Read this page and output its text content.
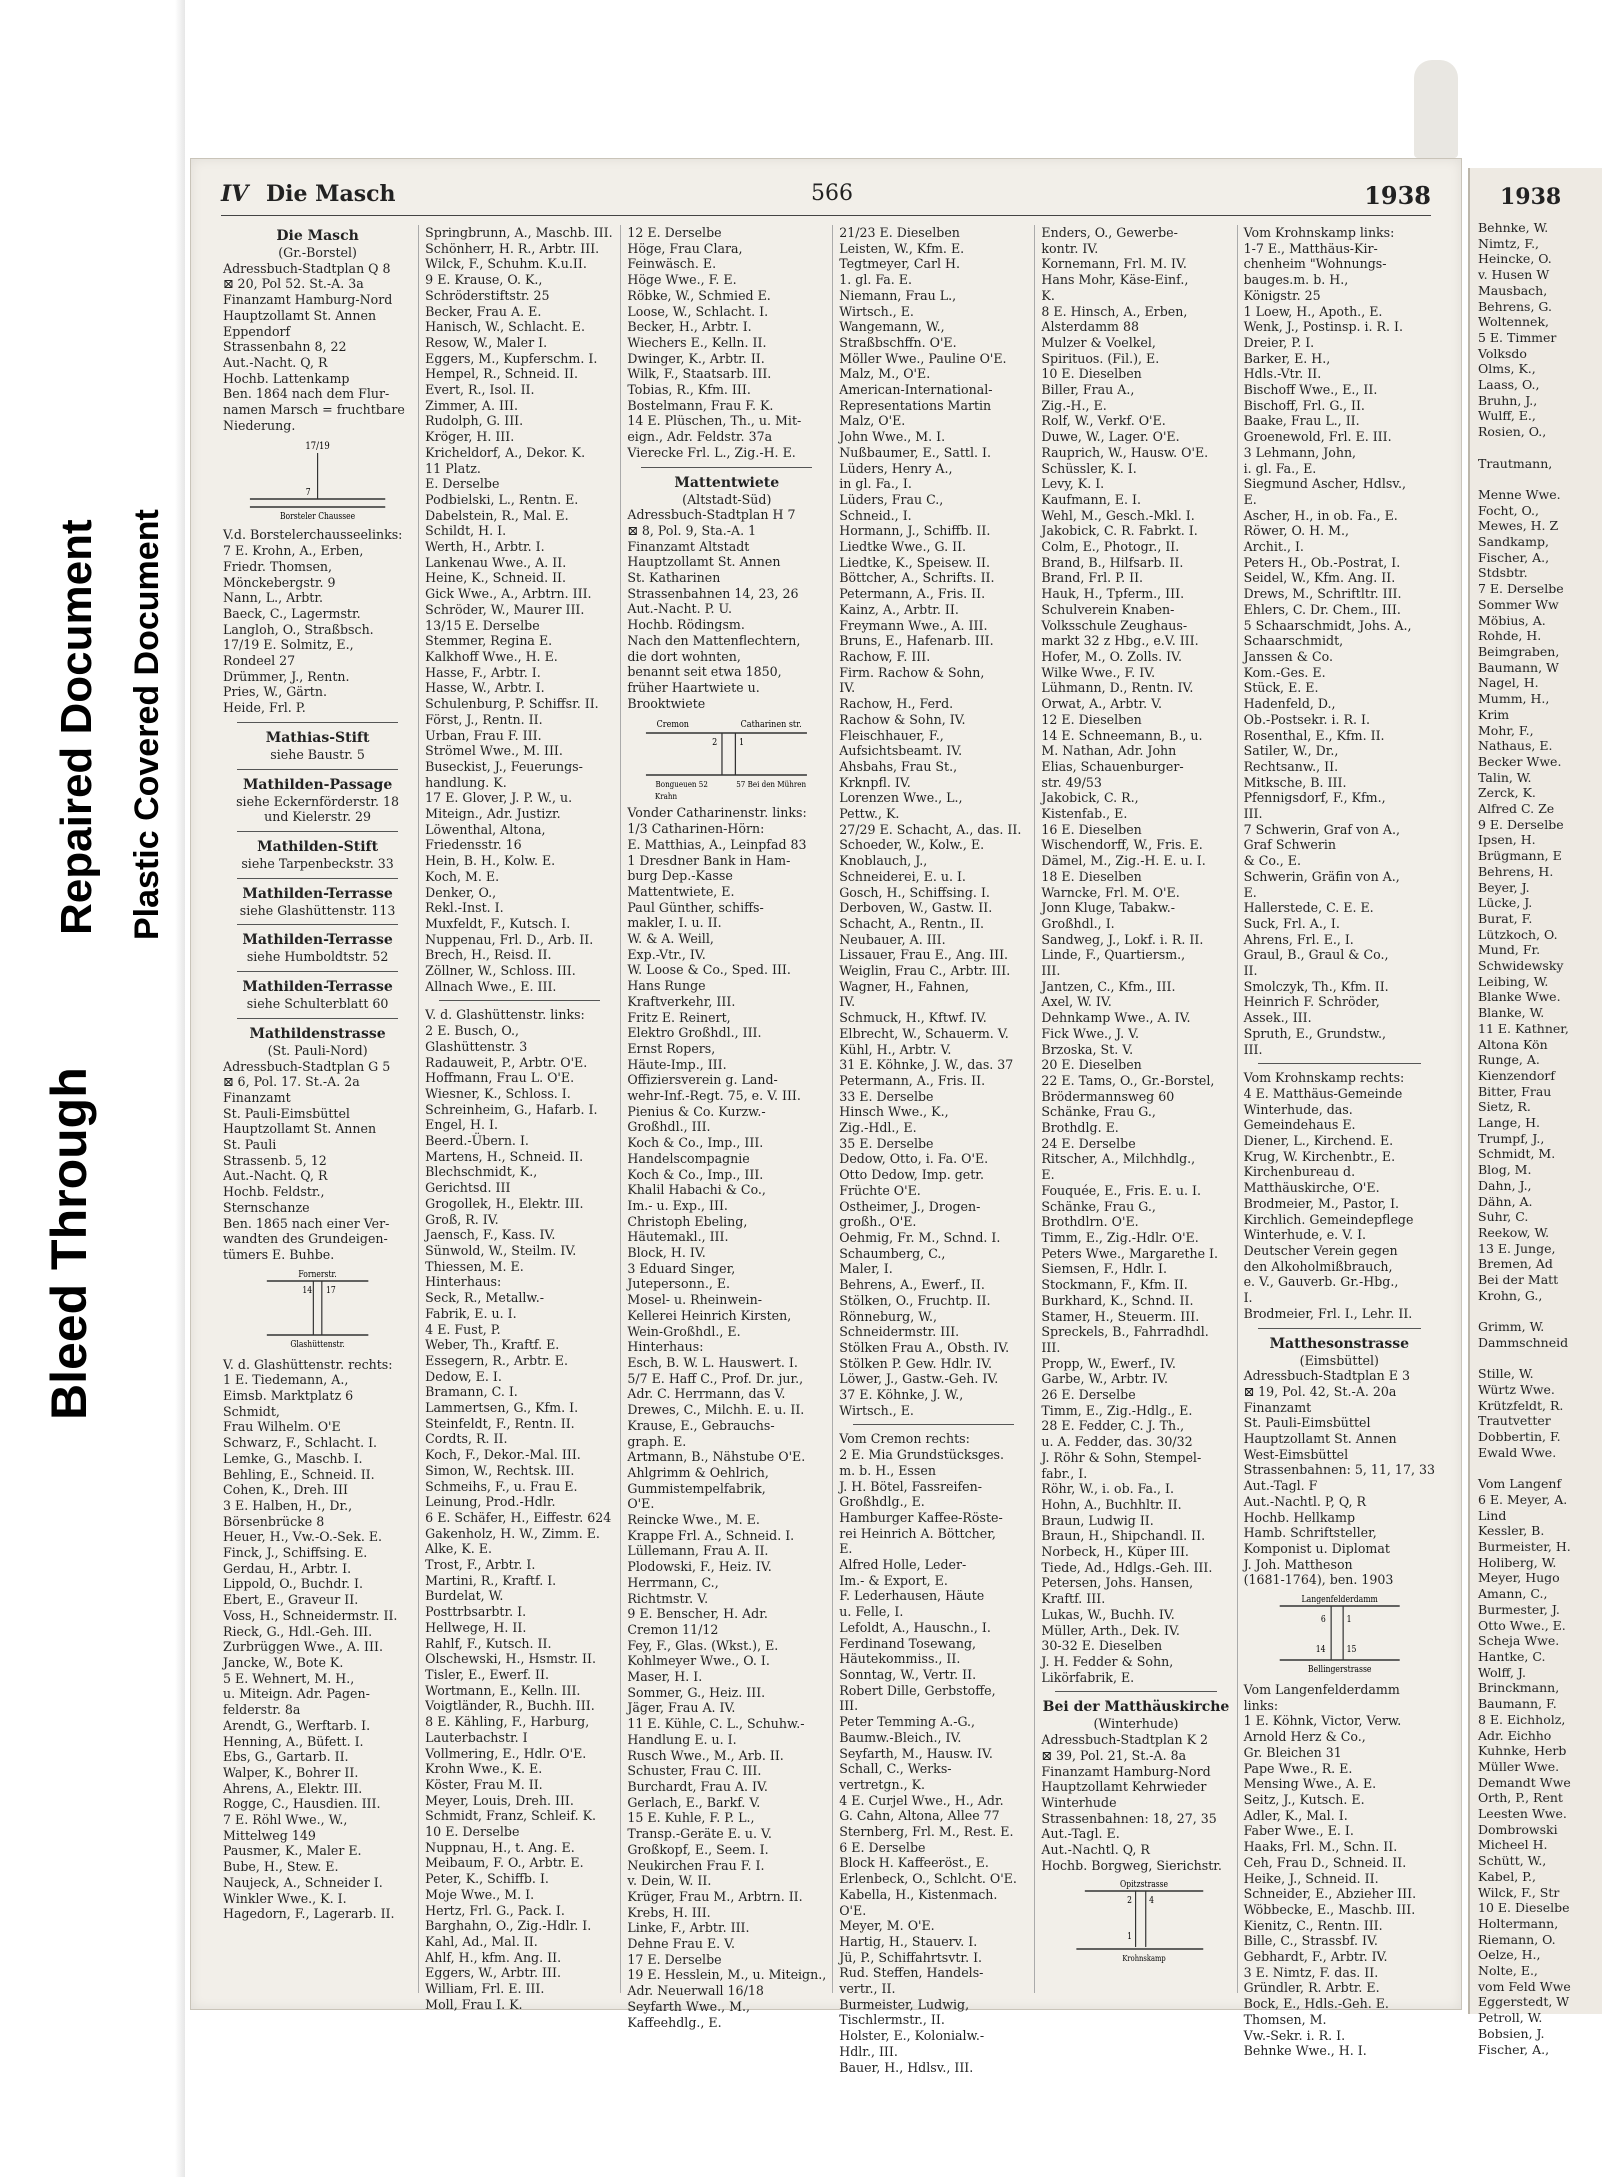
Bleed Through
Repaired Document Plastic Covered Document
IV Die Masch	566	1938
Die Masch
(Gr.-Borstel)
Adressbuch-Stadtplan Q 8
⊠ 20, Pol 52. St.-A. 3a
Finanzamt Hamburg-Nord
Hauptzollamt St. Annen
Eppendorf
Strassenbahn 8, 22
Aut.-Nacht. Q, R
Hochb. Lattenkamp
Ben. 1864 nach dem Flur-
namen Marsch = fruchtbare
Niederung.
17/19
7
Borsteler Chaussee
V.d. Borstelerchausseelinks:
7 E. Krohn, A., Erben,
Friedr. Thomsen,
Mönckebergstr. 9
Nann, L., Arbtr.
Baeck, C., Lagermstr.
Langloh, O., Straßbsch.
17/19 E. Solmitz, E.,
Rondeel 27
Drümmer, J., Rentn.
Pries, W., Gärtn.
Heide, Frl. P.
Mathias-Stift
siehe Baustr. 5
Mathilden-Passage
siehe Eckernförderstr. 18
und Kielerstr. 29
Mathilden-Stift
siehe Tarpenbeckstr. 33
Mathilden-Terrasse
siehe Glashüttenstr. 113
Mathilden-Terrasse
siehe Humboldtstr. 52
Mathilden-Terrasse
siehe Schulterblatt 60
Mathildenstrasse
(St. Pauli-Nord)
Adressbuch-Stadtplan G 5
⊠ 6, Pol. 17. St.-A. 2a
Finanzamt
St. Pauli-Eimsbüttel
Hauptzollamt St. Annen
St. Pauli
Strassenb. 5, 12
Aut.-Nacht. Q, R
Hochb. Feldstr.,
Sternschanze
Ben. 1865 nach einer Ver-
wandten des Grundeigen-
tümers E. Buhbe.
Fornerstr.
14 17
Glashüttenstr.
V. d. Glashüttenstr. rechts:
1 E. Tiedemann, A.,
Eimsb. Marktplatz 6
Schmidt,
Frau Wilhelm. O'E
Schwarz, F., Schlacht. I.
Lemke, G., Maschb. I.
Behling, E., Schneid. II.
Cohen, K., Dreh. III
3 E. Halben, H., Dr.,
Börsenbrücke 8
Heuer, H., Vw.-O.-Sek. E.
Finck, J., Schiffsing. E.
Gerdau, H., Arbtr. I.
Lippold, O., Buchdr. I.
Ebert, E., Graveur II.
Voss, H., Schneidermstr. II.
Rieck, G., Hdl.-Geh. III.
Zurbrüggen Wwe., A. III.
Jancke, W., Bote K.
5 E. Wehnert, M. H.,
u. Miteign. Adr. Pagen-
felderstr. 8a
Arendt, G., Werftarb. I.
Henning, A., Büfett. I.
Ebs, G., Gartarb. II.
Walper, K., Bohrer II.
Ahrens, A., Elektr. III.
Rogge, C., Hausdien. III.
7 E. Röhl Wwe., W.,
Mittelweg 149
Pausmer, K., Maler E.
Bube, H., Stew. E.
Naujeck, A., Schneider I.
Winkler Wwe., K. I.
Hagedorn, F., Lagerarb. II.
Springbrunn, A., Maschb. III.
Schönherr, H. R., Arbtr. III.
Wilck, F., Schuhm. K.u.II.
9 E. Krause, O. K.,
Schröderstiftstr. 25
Becker, Frau A. E.
Hanisch, W., Schlacht. E.
Resow, W., Maler I.
Eggers, M., Kupferschm. I.
Hempel, R., Schneid. II.
Evert, R., Isol. II.
Zimmer, A. III.
Rudolph, G. III.
Kröger, H. III.
Kricheldorf, A., Dekor. K.
11 Platz.
E. Derselbe
Podbielski, L., Rentn. E.
Dabelstein, R., Mal. E.
Schildt, H. I.
Werth, H., Arbtr. I.
Lankenau Wwe., A. II.
Heine, K., Schneid. II.
Gick Wwe., A., Arbtrn. III.
Schröder, W., Maurer III.
13/15 E. Derselbe
Stemmer, Regina E.
Kalkhoff Wwe., H. E.
Hasse, F., Arbtr. I.
Hasse, W., Arbtr. I.
Schulenburg, P. Schiffsr. II.
Först, J., Rentn. II.
Urban, Frau F. III.
Strömel Wwe., M. III.
Buseckist, J., Feuerungs-
handlung. K.
17 E. Glover, J. P. W., u.
Miteign., Adr. Justizr.
Löwenthal, Altona,
Friedensstr. 16
Hein, B. H., Kolw. E.
Koch, M. E.
Denker, O.,
Rekl.-Inst. I.
Muxfeldt, F., Kutsch. I.
Nuppenau, Frl. D., Arb. II.
Brech, H., Reisd. II.
Zöllner, W., Schloss. III.
Allnach Wwe., E. III.
V. d. Glashüttenstr. links:
2 E. Busch, O.,
Glashüttenstr. 3
Radauweit, P., Arbtr. O'E.
Hoffmann, Frau L. O'E.
Wiesner, K., Schloss. I.
Schreinheim, G., Hafarb. I.
Engel, H. I.
Beerd.-Übern. I.
Martens, H., Schneid. II.
Blechschmidt, K.,
Gerichtsd. III
Grogollek, H., Elektr. III.
Groß, R. IV.
Jaensch, F., Kass. IV.
Sünwold, W., Steilm. IV.
Thiessen, M. E.
Hinterhaus:
Seck, R., Metallw.-
Fabrik, E. u. I.
4 E. Fust, P.
Weber, Th., Kraftf. E.
Essegern, R., Arbtr. E.
Dedow, E. I.
Bramann, C. I.
Lammertsen, G., Kfm. I.
Steinfeldt, F., Rentn. II.
Cordts, R. II.
Koch, F., Dekor.-Mal. III.
Simon, W., Rechtsk. III.
Schmeihs, F., u. Frau E.
Leinung, Prod.-Hdlr.
6 E. Schäfer, H., Eiffestr. 624
Gakenholz, H. W., Zimm. E.
Alke, K. E.
Trost, F., Arbtr. I.
Martini, R., Kraftf. I.
Burdelat, W.
Posttrbsarbtr. I.
Hellwege, H. II.
Rahlf, F., Kutsch. II.
Olschewski, H., Hsmstr. II.
Tisler, E., Ewerf. II.
Wortmann, E., Kelln. III.
Voigtländer, R., Buchh. III.
8 E. Kähling, F., Harburg,
Lauterbachstr. I
Vollmering, E., Hdlr. O'E.
Krohn Wwe., K. E.
Köster, Frau M. II.
Meyer, Louis, Dreh. III.
Schmidt, Franz, Schleif. K.
10 E. Derselbe
Nuppnau, H., t. Ang. E.
Meibaum, F. O., Arbtr. E.
Peter, K., Schiffb. I.
Moje Wwe., M. I.
Hertz, Frl. G., Pack. I.
Barghahn, O., Zig.-Hdlr. I.
Kahl, Ad., Mal. II.
Ahlf, H., kfm. Ang. II.
Eggers, W., Arbtr. III.
William, Frl. E. III.
Moll, Frau I. K.
12 E. Derselbe
Höge, Frau Clara,
Feinwäsch. E.
Höge Wwe., F. E.
Röbke, W., Schmied E.
Loose, W., Schlacht. I.
Becker, H., Arbtr. I.
Wiechers E., Kelln. II.
Dwinger, K., Arbtr. II.
Wilk, F., Staatsarb. III.
Tobias, R., Kfm. III.
Bostelmann, Frau F. K.
14 E. Plüschen, Th., u. Mit-
eign., Adr. Feldstr. 37a
Vierecke Frl. L., Zig.-H. E.
Mattentwiete
(Altstadt-Süd)
Adressbuch-Stadtplan H 7
⊠ 8, Pol. 9, Sta.-A. 1
Finanzamt Altstadt
Hauptzollamt St. Annen
St. Katharinen
Strassenbahnen 14, 23, 26
Aut.-Nacht. P. U.
Hochb. Rödingsm.
Nach den Mattenflechtern,
die dort wohnten,
benannt seit etwa 1850,
früher Haartwiete u.
Brooktwiete
Cremon	Catharinen str.
2 1
Bongueuen 52	57 Bei den Mühren
Krahn
Vonder Catharinenstr. links:
1/3 Catharinen-Hörn:
E. Matthias, A., Leinpfad 83
1 Dresdner Bank in Ham-
burg Dep.-Kasse
Mattentwiete, E.
Paul Günther, schiffs-
makler, I. u. II.
W. & A. Weill,
Exp.-Vtr., IV.
W. Loose & Co., Sped. III.
Hans Runge
Kraftverkehr, III.
Fritz E. Reinert,
Elektro Großhdl., III.
Ernst Ropers,
Häute-Imp., III.
Offiziersverein g. Land-
wehr-Inf.-Regt. 75, e. V. III.
Pienius & Co. Kurzw.-
Großhdl., III.
Koch & Co., Imp., III.
Handelscompagnie
Koch & Co., Imp., III.
Khalil Habachi & Co.,
Im.- u. Exp., III.
Christoph Ebeling,
Häutemakl., III.
Block, H. IV.
3 Eduard Singer,
Jutepersonn., E.
Mosel- u. Rheinwein-
Kellerei Heinrich Kirsten,
Wein-Großhdl., E.
Hinterhaus:
Esch, B. W. L. Hauswert. I.
5/7 E. Haff C., Prof. Dr. jur.,
Adr. C. Herrmann, das V.
Drewes, C., Milchh. E. u. II.
Krause, E., Gebrauchs-
graph. E.
Artmann, B., Nähstube O'E.
Ahlgrimm & Oehlrich,
Gummistempelfabrik,
O'E.
Reincke Wwe., M. E.
Krappe Frl. A., Schneid. I.
Lüllemann, Frau A. II.
Plodowski, F., Heiz. IV.
Herrmann, C.,
Richtmstr. V.
9 E. Benscher, H. Adr.
Cremon 11/12
Fey, F., Glas. (Wkst.), E.
Kohlmeyer Wwe., O. I.
Maser, H. I.
Sommer, G., Heiz. III.
Jäger, Frau A. IV.
11 E. Kühle, C. L., Schuhw.-
Handlung E. u. I.
Rusch Wwe., M., Arb. II.
Schuster, Frau C. III.
Burchardt, Frau A. IV.
Gerlach, E., Barkf. V.
15 E. Kuhle, F. P. L.,
Transp.-Geräte E. u. V.
Großkopf, E., Seem. I.
Neukirchen Frau F. I.
v. Dein, W. II.
Krüger, Frau M., Arbtrn. II.
Krebs, H. III.
Linke, F., Arbtr. III.
Dehne Frau E. V.
17 E. Derselbe
19 E. Hesslein, M., u. Miteign.,
Adr. Neuerwall 16/18
Seyfarth Wwe., M.,
Kaffeehdlg., E.
21/23 E. Dieselben
Leisten, W., Kfm. E.
Tegtmeyer, Carl H.
1. gl. Fa. E.
Niemann, Frau L.,
Wirtsch., E.
Wangemann, W.,
Straßbschffn. O'E.
Möller Wwe., Pauline O'E.
Malz, M., O'E.
American-International-
Representations Martin
Malz, O'E.
John Wwe., M. I.
Nußbaumer, E., Sattl. I.
Lüders, Henry A.,
in gl. Fa., I.
Lüders, Frau C.,
Schneid., I.
Hormann, J., Schiffb. II.
Liedtke Wwe., G. II.
Liedtke, K., Speisew. II.
Böttcher, A., Schrifts. II.
Petermann, A., Fris. II.
Kainz, A., Arbtr. II.
Freymann Wwe., A. III.
Bruns, E., Hafenarb. III.
Rachow, F. III.
Firm. Rachow & Sohn,
IV.
Rachow, H., Ferd.
Rachow & Sohn, IV.
Fleischhauer, F.,
Aufsichtsbeamt. IV.
Ahsbahs, Frau St.,
Krknpfl. IV.
Lorenzen Wwe., L.,
Pettw., K.
27/29 E. Schacht, A., das. II.
Schoeder, W., Kolw., E.
Knoblauch, J.,
Schneiderei, E. u. I.
Gosch, H., Schiffsing. I.
Derboven, W., Gastw. II.
Schacht, A., Rentn., II.
Neubauer, A. III.
Lissauer, Frau E., Ang. III.
Weiglin, Frau C., Arbtr. III.
Wagner, H., Fahnen,
IV.
Schmuck, H., Kftwf. IV.
Elbrecht, W., Schauerm. V.
Kühl, H., Arbtr. V.
31 E. Köhnke, J. W., das. 37
Petermann, A., Fris. II.
33 E. Derselbe
Hinsch Wwe., K.,
Zig.-Hdl., E.
35 E. Derselbe
Dedow, Otto, i. Fa. O'E.
Otto Dedow, Imp. getr.
Früchte O'E.
Ostheimer, J., Drogen-
großh., O'E.
Oehmig, Fr. M., Schnd. I.
Schaumberg, C.,
Maler, I.
Behrens, A., Ewerf., II.
Stölken, O., Fruchtp. II.
Rönneburg, W.,
Schneidermstr. III.
Stölken Frau A., Obsth. IV.
Stölken P. Gew. Hdlr. IV.
Löwer, J., Gastw.-Geh. IV.
37 E. Köhnke, J. W.,
Wirtsch., E.
Vom Cremon rechts:
2 E. Mia Grundstücksges.
m. b. H., Essen
J. H. Bötel, Fassreifen-
Großhdlg., E.
Hamburger Kaffee-Röste-
rei Heinrich A. Böttcher,
E.
Alfred Holle, Leder-
Im.- & Export, E.
F. Lederhausen, Häute
u. Felle, I.
Lefoldt, A., Hauschn., I.
Ferdinand Tosewang,
Häutekommiss., II.
Sonntag, W., Vertr. II.
Robert Dille, Gerbstoffe,
III.
Peter Temming A.-G.,
Baumw.-Bleich., IV.
Seyfarth, M., Hausw. IV.
Schall, C., Werks-
vertretgn., K.
4 E. Curjel Wwe., H., Adr.
G. Cahn, Altona, Allee 77
Sternberg, Frl. M., Rest. E.
6 E. Derselbe
Block H. Kaffeeröst., E.
Erlenbeck, O., Schlcht. O'E.
Kabella, H., Kistenmach.
O'E.
Meyer, M. O'E.
Hartig, H., Stauerv. I.
Jü, P., Schiffahrtsvtr. I.
Rud. Steffen, Handels-
vertr., II.
Burmeister, Ludwig,
Tischlermstr., II.
Holster, E., Kolonialw.-
Hdlr., III.
Bauer, H., Hdlsv., III.
Enders, O., Gewerbe-
kontr. IV.
Kornemann, Frl. M. IV.
Hans Mohr, Käse-Einf.,
K.
8 E. Hinsch, A., Erben,
Alsterdamm 88
Mulzer & Voelkel,
Spirituos. (Fil.), E.
10 E. Dieselben
Biller, Frau A.,
Zig.-H., E.
Rolf, W., Verkf. O'E.
Duwe, W., Lager. O'E.
Rauprich, W., Hausw. O'E.
Schüssler, K. I.
Levy, K. I.
Kaufmann, E. I.
Wehl, M., Gesch.-Mkl. I.
Jakobick, C. R. Fabrkt. I.
Colm, E., Photogr., II.
Brand, B., Hilfsarb. II.
Brand, Frl. P. II.
Hauk, H., Tpferm., III.
Schulverein Knaben-
Volksschule Zeughaus-
markt 32 z Hbg., e.V. III.
Hofer, M., O. Zolls. IV.
Wilke Wwe., F. IV.
Lühmann, D., Rentn. IV.
Orwat, A., Arbtr. V.
12 E. Dieselben
14 E. Schneemann, B., u.
M. Nathan, Adr. John
Elias, Schauenburger-
str. 49/53
Jakobick, C. R.,
Kistenfab., E.
16 E. Dieselben
Wischendorff, W., Fris. E.
Dämel, M., Zig.-H. E. u. I.
18 E. Dieselben
Warncke, Frl. M. O'E.
Jonn Kluge, Tabakw.-
Großhdl., I.
Sandweg, J., Lokf. i. R. II.
Linde, F., Quartiersm.,
III.
Jantzen, C., Kfm., III.
Axel, W. IV.
Dehnkamp Wwe., A. IV.
Fick Wwe., J. V.
Brzoska, St. V.
20 E. Dieselben
22 E. Tams, O., Gr.-Borstel,
Brödermannsweg 60
Schänke, Frau G.,
Brothdlg. E.
24 E. Derselbe
Ritscher, A., Milchhdlg.,
E.
Fouquée, E., Fris. E. u. I.
Schänke, Frau G.,
Brothdlrn. O'E.
Timm, E., Zig.-Hdlr. O'E.
Peters Wwe., Margarethe I.
Siemsen, F., Hdlr. I.
Stockmann, F., Kfm. II.
Burkhard, K., Schnd. II.
Stamer, H., Steuerm. III.
Spreckels, B., Fahrradhdl.
III.
Propp, W., Ewerf., IV.
Garbe, W., Arbtr. IV.
26 E. Derselbe
Timm, E., Zig.-Hdlg., E.
28 E. Fedder, C. J. Th.,
u. A. Fedder, das. 30/32
J. Röhr & Sohn, Stempel-
fabr., I.
Röhr, W., i. ob. Fa., I.
Hohn, A., Buchhltr. II.
Braun, Ludwig II.
Braun, H., Shipchandl. II.
Norbeck, H., Küper III.
Tiede, Ad., Hdlgs.-Geh. III.
Petersen, Johs. Hansen,
Kraftf. III.
Lukas, W., Buchh. IV.
Müller, Arth., Dek. IV.
30-32 E. Dieselben
J. H. Fedder & Sohn,
Likörfabrik, E.
Bei der Matthäuskirche
(Winterhude)
Adressbuch-Stadtplan K 2
⊠ 39, Pol. 21, St.-A. 8a
Finanzamt Hamburg-Nord
Hauptzollamt Kehrwieder
Winterhude
Strassenbahnen: 18, 27, 35
Aut.-Tagl. E.
Aut.-Nachtl. Q, R
Hochb. Borgweg, Sierichstr.
Opitzstrasse
2 4
1
Krohnskamp
Vom Krohnskamp links:
1-7 E., Matthäus-Kir-
chenheim "Wohnungs-
bauges.m. b. H.,
Königstr. 25
1 Loew, H., Apoth., E.
Wenk, J., Postinsp. i. R. I.
Dreier, P. I.
Barker, E. H.,
Hdls.-Vtr. II.
Bischoff Wwe., E., II.
Bischoff, Frl. G., II.
Baake, Frau L., II.
Groenewold, Frl. E. III.
3 Lehmann, John,
i. gl. Fa., E.
Siegmund Ascher, Hdlsv.,
E.
Ascher, H., in ob. Fa., E.
Röwer, O. H. M.,
Archit., I.
Peters H., Ob.-Postrat, I.
Seidel, W., Kfm. Ang. II.
Drews, M., Schriftltr. III.
Ehlers, C. Dr. Chem., III.
5 Schaarschmidt, Johs. A.,
Schaarschmidt,
Janssen & Co.
Kom.-Ges. E.
Stück, E. E.
Hadenfeld, D.,
Ob.-Postsekr. i. R. I.
Rosenthal, E., Kfm. II.
Satiler, W., Dr.,
Rechtsanw., II.
Mitksche, B. III.
Pfennigsdorf, F., Kfm.,
III.
7 Schwerin, Graf von A.,
Graf Schwerin
& Co., E.
Schwerin, Gräfin von A.,
E.
Hallerstede, C. E. E.
Suck, Frl. A., I.
Ahrens, Frl. E., I.
Graul, B., Graul & Co.,
II.
Smolczyk, Th., Kfm. II.
Heinrich F. Schröder,
Assek., III.
Spruth, E., Grundstw.,
III.
Vom Krohnskamp rechts:
4 E. Matthäus-Gemeinde
Winterhude, das.
Gemeindehaus E.
Diener, L., Kirchend. E.
Krug, W. Kirchenbtr., E.
Kirchenbureau d.
Matthäuskirche, O'E.
Brodmeier, M., Pastor, I.
Kirchlich. Gemeindepflege
Winterhude, e. V. I.
Deutscher Verein gegen
den Alkoholmißbrauch,
e. V., Gauverb. Gr.-Hbg.,
I.
Brodmeier, Frl. I., Lehr. II.
Matthesonstrasse
(Eimsbüttel)
Adressbuch-Stadtplan E 3
⊠ 19, Pol. 42, St.-A. 20a
Finanzamt
St. Pauli-Eimsbüttel
Hauptzollamt St. Annen
West-Eimsbüttel
Strassenbahnen: 5, 11, 17, 33
Aut.-Tagl. F
Aut.-Nachtl. P, Q, R
Hochb. Hellkamp
Hamb. Schriftsteller,
Komponist u. Diplomat
J. Joh. Mattheson
(1681-1764), ben. 1903
Langenfelderdamm
6 1
14 15
Bellingerstrasse
Vom Langenfelderdamm
links:
1 E. Köhnk, Victor, Verw.
Arnold Herz & Co.,
Gr. Bleichen 31
Pape Wwe., R. E.
Mensing Wwe., A. E.
Seitz, J., Kutsch. E.
Adler, K., Mal. I.
Faber Wwe., E. I.
Haaks, Frl. M., Schn. II.
Ceh, Frau D., Schneid. II.
Heike, J., Schneid. II.
Schneider, E., Abzieher III.
Wöbbecke, E., Maschb. III.
Kienitz, C., Rentn. III.
Bille, C., Strassbf. IV.
Gebhardt, F., Arbtr. IV.
3 E. Nimtz, F. das. II.
Gründler, R. Arbtr. E.
Bock, E., Hdls.-Geh. E.
Thomsen, M.
Vw.-Sekr. i. R. I.
Behnke Wwe., H. I.
1938
Behnke, W.
Nimtz, F.,
Heincke, O.
v. Husen W
Mausbach,
Behrens, G.
Woltennek,
5 E. Timmer
Volksdo
Olms, K.,
Laass, O.,
Bruhn, J.,
Wulff, E.,
Rosien, O.,

Trautmann,

Menne Wwe.
Focht, O.,
Mewes, H. Z
Sandkamp,
Fischer, A.,
Stdsbtr.
7 E. Derselbe
Sommer Ww
Möbius, A.
Rohde, H.
Beimgraben,
Baumann, W
Nagel, H.
Mumm, H.,
Krim
Mohr, F.,
Nathaus, E.
Becker Wwe.
Talin, W.
Zerck, K.
Alfred C. Ze
9 E. Derselbe
Ipsen, H.
Brügmann, E
Behrens, H.
Beyer, J.
Lücke, J.
Burat, F.
Lützkoch, O.
Mund, Fr.
Schwidewsky
Leibing, W.
Blanke Wwe.
Blanke, W.
11 E. Kathner,
Altona Kön
Runge, A.
Kienzendorf
Bitter, Frau
Sietz, R.
Lange, H.
Trumpf, J.,
Schmidt, M.
Blog, M.
Dahn, J.,
Dähn, A.
Suhr, C.
Reekow, W.
13 E. Junge,
Bremen, Ad
Bei der Matt
Krohn, G.,

Grimm, W.
Dammschneid

Stille, W.
Würtz Wwe.
Krützfeldt, R.
Trautvetter
Dobbertin, F.
Ewald Wwe.

Vom Langenf
6 E. Meyer, A.
Lind
Kessler, B.
Burmeister, H.
Holiberg, W.
Meyer, Hugo
Amann, C.,
Burmester, J.
Otto Wwe., E.
Scheja Wwe.
Hantke, C.
Wolff, J.
Brinckmann,
Baumann, F.
8 E. Eichholz,
Adr. Eichho
Kuhnke, Herb
Müller Wwe.
Demandt Wwe
Orth, P., Rent
Leesten Wwe.
Dombrowski
Micheel H.
Schütt, W.,
Kabel, P.,
Wilck, F., Str
10 E. Dieselbe
Holtermann,
Riemann, O.
Oelze, H.,
Nolte, E.,
vom Feld Wwe
Eggerstedt, W
Petroll, W.
Bobsien, J.
Fischer, A.,
